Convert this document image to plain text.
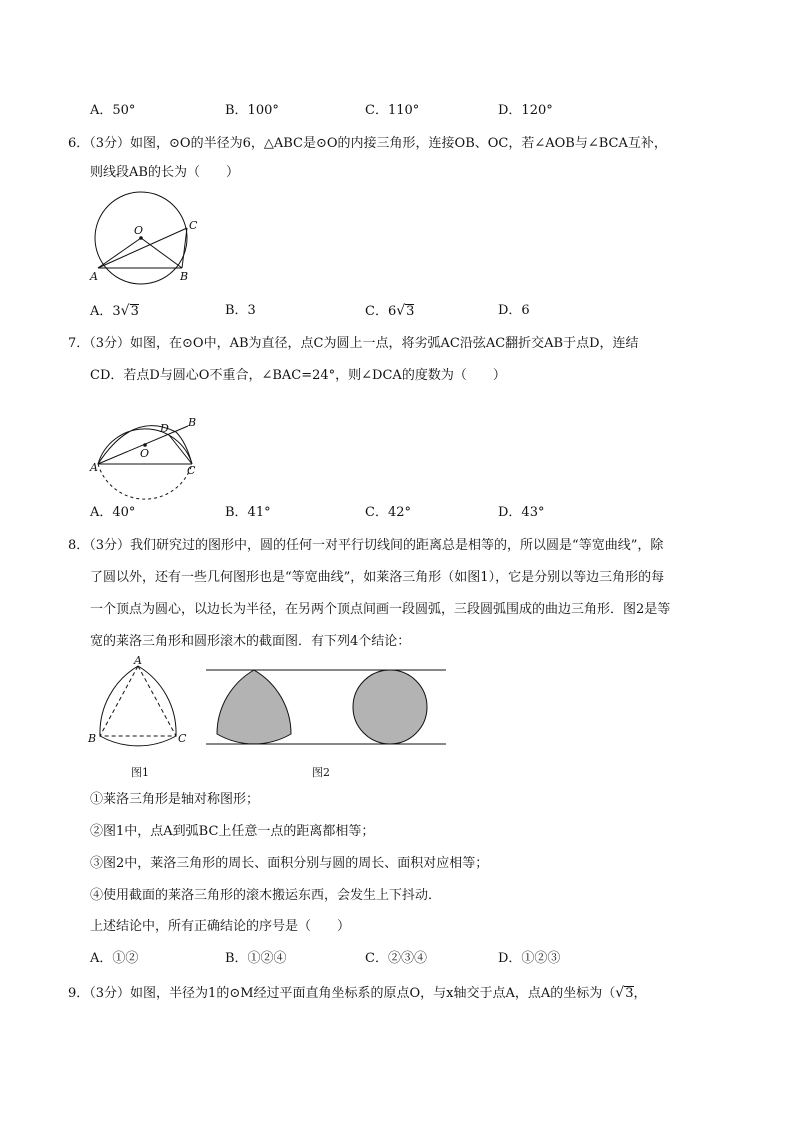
A．50°	B．100°	C．110°	D．120°
6．（3分）如图，⊙O的半径为6，△ABC是⊙O的内接三角形，连接OB、OC，若∠AOB与∠BCA互补，
则线段AB的长为（　　）
O
A	B
C
A．3√3	B．3	C．6√3	D．6
7．（3分）如图，在⊙O中，AB为直径，点C为圆上一点，将劣弧AC沿弦AC翻折交AB于点D，连结
CD．若点D与圆心O不重合，∠BAC=24°，则∠DCA的度数为（　　）
A
B
C
D
O
A．40°	B．41°	C．42°	D．43°
8．（3分）我们研究过的图形中，圆的任何一对平行切线间的距离总是相等的，所以圆是“等宽曲线”，除
了圆以外，还有一些几何图形也是“等宽曲线”，如莱洛三角形（如图1），它是分别以等边三角形的每
一个顶点为圆心，以边长为半径，在另两个顶点间画一段圆弧，三段圆弧围成的曲边三角形．图2是等
宽的莱洛三角形和圆形滚木的截面图．有下列4个结论：
A
B	C
图1	图2
①莱洛三角形是轴对称图形；
②图1中，点A到弧BC上任意一点的距离都相等；
③图2中，莱洛三角形的周长、面积分别与圆的周长、面积对应相等；
④使用截面的莱洛三角形的滚木搬运东西，会发生上下抖动．
上述结论中，所有正确结论的序号是（　　）
A．①②	B．①②④	C．②③④	D．①②③
9．（3分）如图，半径为1的⊙M经过平面直角坐标系的原点O，与x轴交于点A，点A的坐标为（√3，
